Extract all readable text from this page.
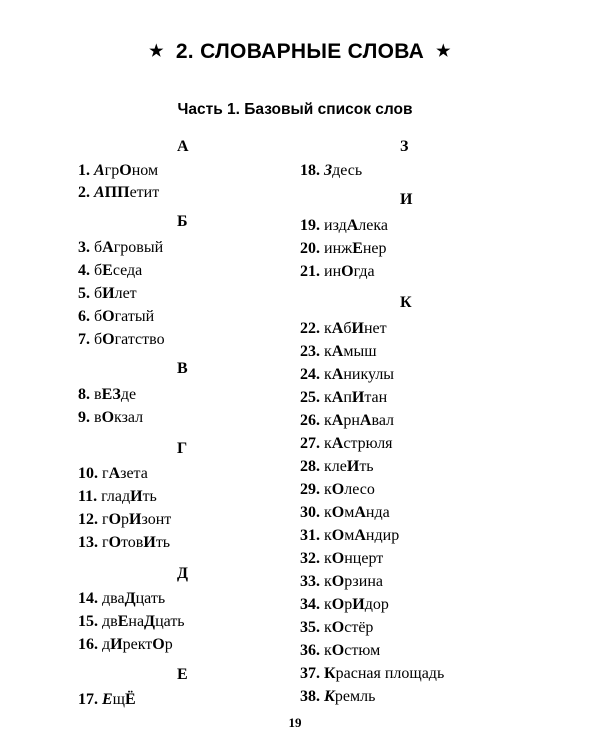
★ 2. СЛОВАРНЫЕ СЛОВА ★
Часть 1. Базовый список слов
А
1. АгрОном
2. АППетит
Б
3. бАгровый
4. бЕседа
5. бИлет
6. бОгатый
7. бОгатство
В
8. вЕЗде
9. вОкзал
Г
10. гАзета
11. гладИть
12. гОрИзонт
13. гОтовИть
Д
14. дваДцать
15. двЕнаДцать
16. дИректОр
Е
17. ЕщЁ
З
18. Здесь
И
19. издАлека
20. инжЕнер
21. инОгда
К
22. кАбИнет
23. кАмыш
24. кАникулы
25. кАпИтан
26. кАрнАвал
27. кАстрюля
28. клеИть
29. кОлесо
30. кОмАнда
31. кОмАндир
32. кОнцерт
33. кОрзина
34. кОрИдор
35. кОстёр
36. кОстюм
37. Красная площадь
38. Кремль
19
